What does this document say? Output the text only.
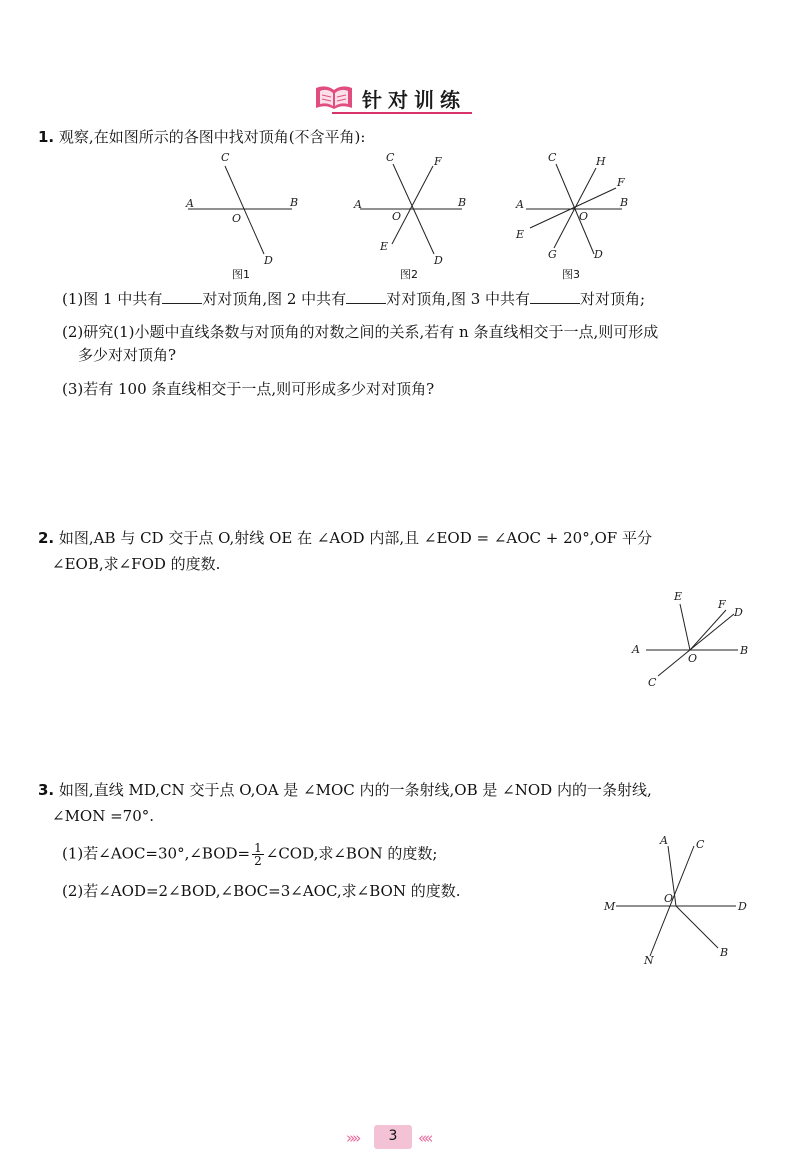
针对训练
1. 观察,在如图所示的各图中找对顶角(不含平角):
C
A	B
O
D
图1
C	F
A	B
O
E
D
图2
C	H
F
A	B
O
E
G	D
图3
(1)图 1 中共有	对对顶角,图 2 中共有	对对顶角,图 3 中共有	对对顶角;
(2)研究(1)小题中直线条数与对顶角的对数之间的关系,若有 n 条直线相交于一点,则可形成
多少对对顶角?
(3)若有 100 条直线相交于一点,则可形成多少对对顶角?
2. 如图,AB 与 CD 交于点 O,射线 OE 在 ∠AOD 内部,且 ∠EOD = ∠AOC + 20°,OF 平分
∠EOB,求∠FOD 的度数.
E
F
D
A
O
B
C
3. 如图,直线 MD,CN 交于点 O,OA 是 ∠MOC 内的一条射线,OB 是 ∠NOD 内的一条射线,
∠MON =70°.
(1)若∠AOC=30°,∠BOD= $\frac{1}{2}$ ∠COD,求∠BON 的度数;
(2)若∠AOD=2∠BOD,∠BOC=3∠AOC,求∠BON 的度数.
A	C
M
O
D
B
N
»»	3	««
